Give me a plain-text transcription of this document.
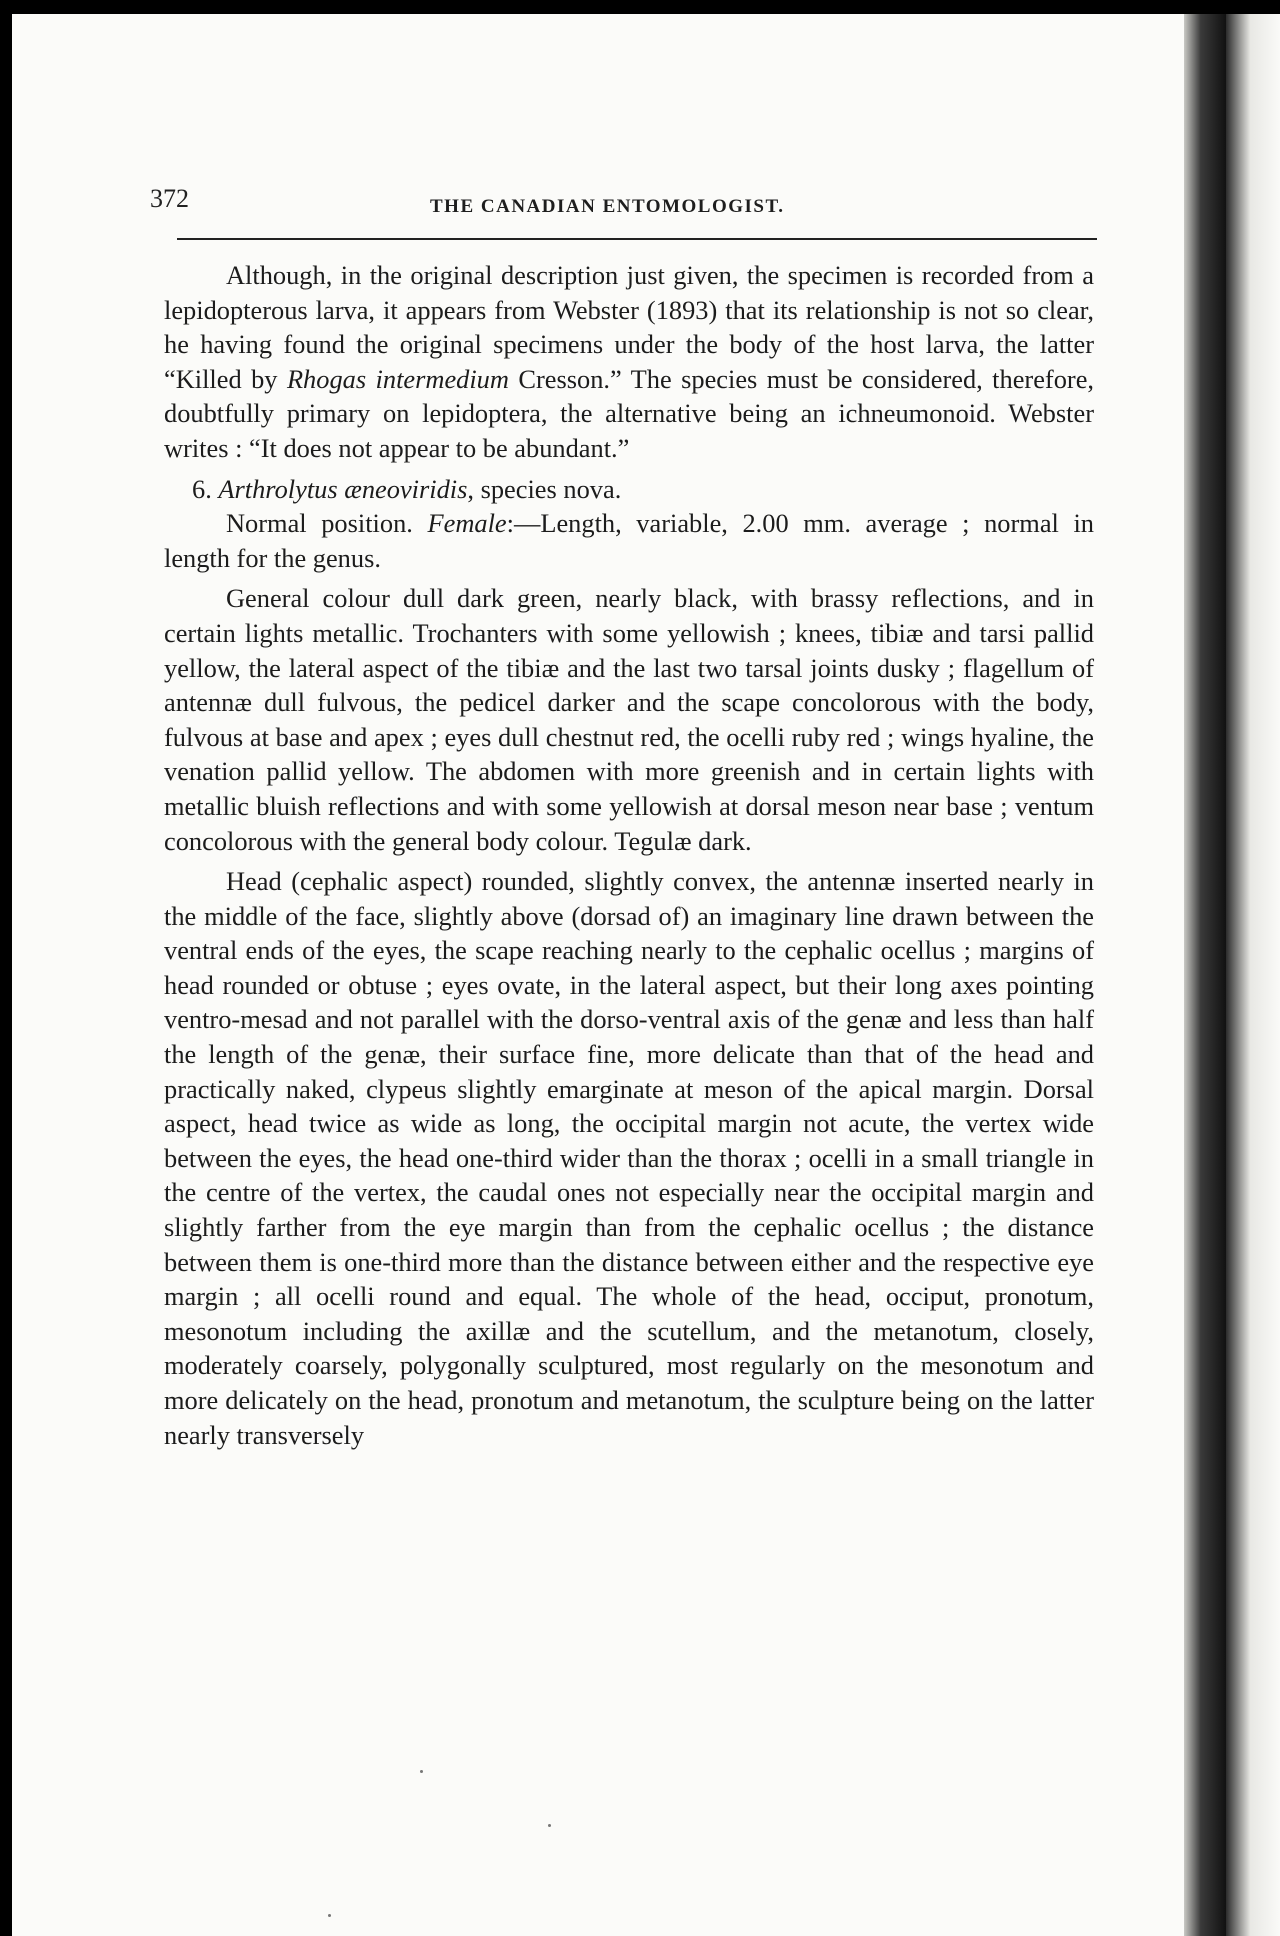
372	THE CANADIAN ENTOMOLOGIST.

Although, in the original description just given, the specimen is recorded from a lepidopterous larva, it appears from Webster (1893) that its relationship is not so clear, he having found the original specimens under the body of the host larva, the latter “Killed by Rhogas intermedium Cresson.” The species must be considered, therefore, doubtfully primary on lepidoptera, the alternative being an ichneumonoid. Webster writes : “It does not appear to be abundant.”

6. Arthrolytus æneoviridis, species nova.

Normal position. Female:—Length, variable, 2.00 mm. average ; normal in length for the genus.

General colour dull dark green, nearly black, with brassy reflections, and in certain lights metallic. Trochanters with some yellowish ; knees, tibiæ and tarsi pallid yellow, the lateral aspect of the tibiæ and the last two tarsal joints dusky ; flagellum of antennæ dull fulvous, the pedicel darker and the scape concolorous with the body, fulvous at base and apex ; eyes dull chestnut red, the ocelli ruby red ; wings hyaline, the venation pallid yellow. The abdomen with more greenish and in certain lights with metallic bluish reflections and with some yellowish at dorsal meson near base ; ventum concolorous with the general body colour. Tegulæ dark.

Head (cephalic aspect) rounded, slightly convex, the antennæ inserted nearly in the middle of the face, slightly above (dorsad of) an imaginary line drawn between the ventral ends of the eyes, the scape reaching nearly to the cephalic ocellus ; margins of head rounded or obtuse ; eyes ovate, in the lateral aspect, but their long axes pointing ventro-mesad and not parallel with the dorso-ventral axis of the genæ and less than half the length of the genæ, their surface fine, more delicate than that of the head and practically naked, clypeus slightly emarginate at meson of the apical margin. Dorsal aspect, head twice as wide as long, the occipital margin not acute, the vertex wide between the eyes, the head one-third wider than the thorax ; ocelli in a small triangle in the centre of the vertex, the caudal ones not especially near the occipital margin and slightly farther from the eye margin than from the cephalic ocellus ; the distance between them is one-third more than the distance between either and the respective eye margin ; all ocelli round and equal. The whole of the head, occiput, pronotum, mesonotum including the axillæ and the scutellum, and the metanotum, closely, moderately coarsely, polygonally sculptured, most regularly on the mesonotum and more delicately on the head, pronotum and metanotum, the sculpture being on the latter nearly transversely
